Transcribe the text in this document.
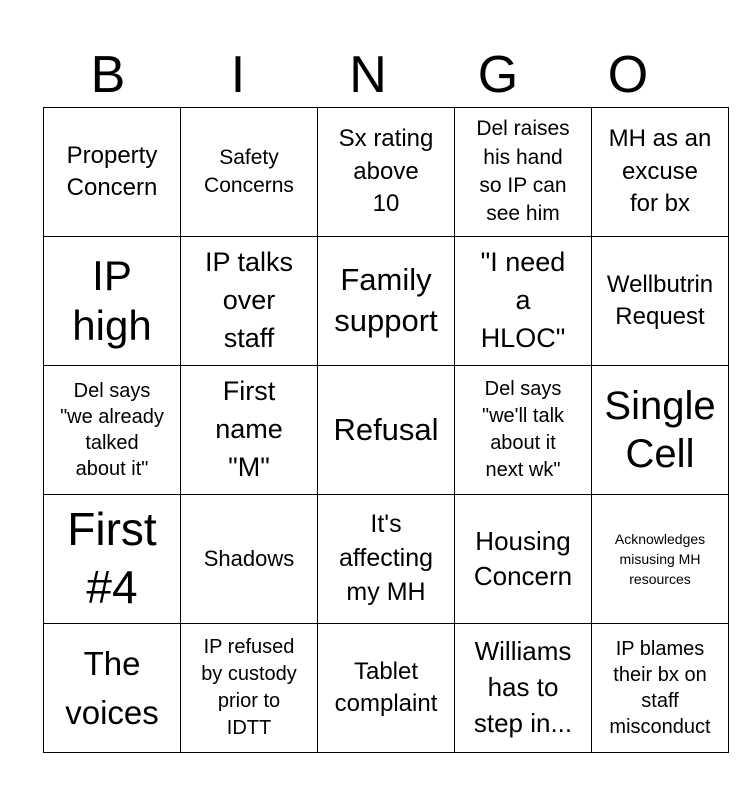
B	I	N	G	O
Property
Concern	Safety
Concerns	Sx rating
above
10	Del raises
his hand
so IP can
see him	MH as an
excuse
for bx

IP
high	IP talks
over
staff	Family
support	"I need
a
HLOC"	Wellbutrin
Request

Del says
"we already
talked
about it"	First
name
"M"	Refusal	Del says
"we'll talk
about it
next wk"	Single
Cell

First
#4	Shadows	It's
affecting
my MH	Housing
Concern	Acknowledges
misusing MH
resources

The
voices	IP refused
by custody
prior to
IDTT	Tablet
complaint	Williams
has to
step in...	IP blames
their bx on
staff
misconduct
